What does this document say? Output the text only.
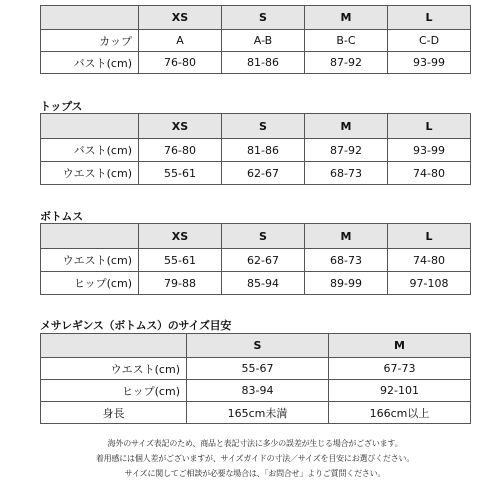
	XS	S	M	L
カップ	A	A-B	B-C	C-D
バスト(cm)	76-80	81-86	87-92	93-99
トップス
	XS	S	M	L
バスト(cm)	76-80	81-86	87-92	93-99
ウエスト(cm)	55-61	62-67	68-73	74-80
ボトムス
	XS	S	M	L
ウエスト(cm)	55-61	62-67	68-73	74-80
ヒップ(cm)	79-88	85-94	89-99	97-108
メサレギンス（ボトムス）のサイズ目安
	S	M
ウエスト(cm)	55-67	67-73
ヒップ(cm)	83-94	92-101
身長	165cm未満	166cm以上
海外のサイズ表記のため、商品と表記寸法に多少の誤差が生じる場合がございます。
着用感には個人差がございますが、サイズガイドの寸法／サイズを目安にお選びください。
サイズに関してご相談が必要な場合は、「お問合せ」よりご質問ください。
